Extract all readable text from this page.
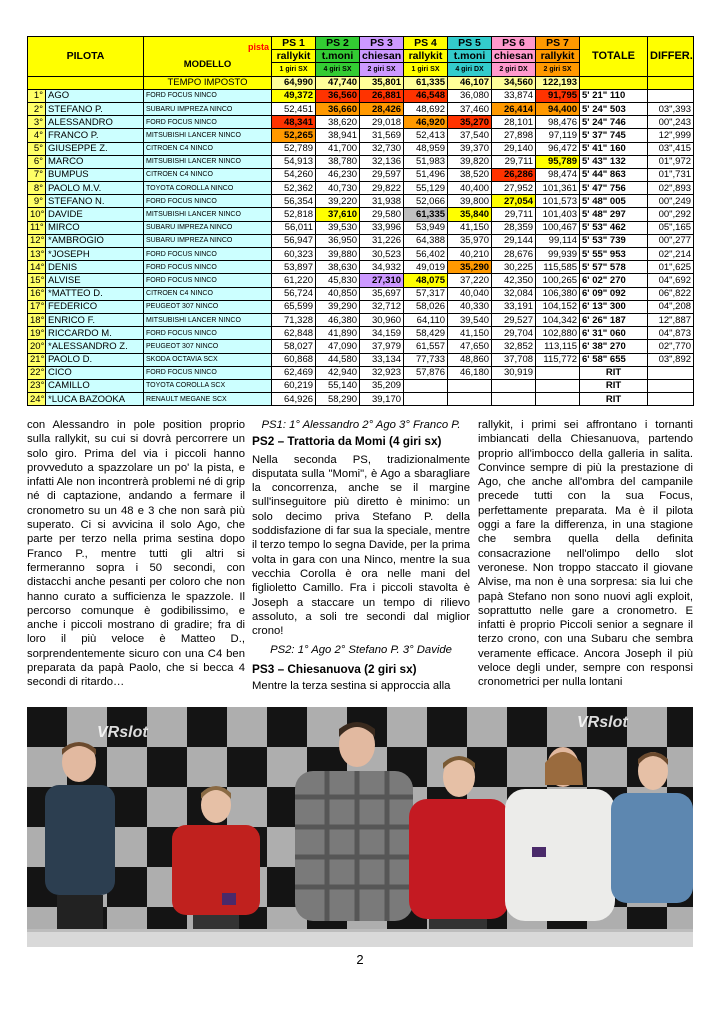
PILOTA		pista
MODELLO	PS 1	PS 2	PS 3	PS 4	PS 5	PS 6	PS 7	TOTALE	DIFFER.
			rallykit	t.moni	chiesan	rallykit	t.moni	chiesan	rallykit		
			1 giri SX	4 giri SX	2 giri SX	1 giri SX	4 giri DX	2 giri DX	2 giri SX		
		TEMPO IMPOSTO	64,990	47,740	35,801	61,335	46,107	34,560	122,193		
1°	AGO	FORD FOCUS NINCO	49,372	36,560	26,881	46,548	36,080	33,874	91,795	5' 21" 110	
2°	STEFANO P.	SUBARU IMPREZA NINCO	52,451	36,660	28,426	48,692	37,460	26,414	94,400	5' 24" 503	03",393
3°	ALESSANDRO	FORD FOCUS NINCO	48,341	38,620	29,018	46,920	35,270	28,101	98,476	5' 24" 746	00",243
4°	FRANCO P.	MITSUBISHI LANCER NINCO	52,265	38,941	31,569	52,413	37,540	27,898	97,119	5' 37" 745	12",999
5°	GIUSEPPE Z.	CITROEN C4 NINCO	52,789	41,700	32,730	48,959	39,370	29,140	96,472	5' 41" 160	03",415
6°	MARCO	MITSUBISHI LANCER NINCO	54,913	38,780	32,136	51,983	39,820	29,711	95,789	5' 43" 132	01",972
7°	BUMPUS	CITROEN C4 NINCO	54,260	46,230	29,597	51,496	38,520	26,286	98,474	5' 44" 863	01",731
8°	PAOLO M.V.	TOYOTA COROLLA NINCO	52,362	40,730	29,822	55,129	40,400	27,952	101,361	5' 47" 756	02",893
9°	STEFANO N.	FORD FOCUS NINCO	56,354	39,220	31,938	52,066	39,800	27,054	101,573	5' 48" 005	00",249
10°	DAVIDE	MITSUBISHI LANCER NINCO	52,818	37,610	29,580	61,335	35,840	29,711	101,403	5' 48" 297	00",292
11°	MIRCO	SUBARU IMPREZA NINCO	56,011	39,530	33,996	53,949	41,150	28,359	100,467	5' 53" 462	05",165
12°	*AMBROGIO	SUBARU IMPREZA NINCO	56,947	36,950	31,226	64,388	35,970	29,144	99,114	5' 53" 739	00",277
13°	*JOSEPH	FORD FOCUS NINCO	60,323	39,880	30,523	56,402	40,210	28,676	99,939	5' 55" 953	02",214
14°	DENIS	FORD FOCUS NINCO	53,897	38,630	34,932	49,019	35,290	30,225	115,585	5' 57" 578	01",625
15°	ALVISE	FORD FOCUS NINCO	61,220	45,830	27,310	48,075	37,220	42,350	100,265	6' 02" 270	04",692
16°	*MATTEO D.	CITROEN C4 NINCO	56,724	40,850	35,697	57,317	40,040	32,084	106,380	6' 09" 092	06",822
17°	FEDERICO	PEUGEOT 307 NINCO	65,599	39,290	32,712	58,026	40,330	33,191	104,152	6' 13" 300	04",208
18°	ENRICO F.	MITSUBISHI LANCER NINCO	71,328	46,380	30,960	64,110	39,540	29,527	104,342	6' 26" 187	12",887
19°	RICCARDO M.	FORD FOCUS NINCO	62,848	41,890	34,159	58,429	41,150	29,704	102,880	6' 31" 060	04",873
20°	*ALESSANDRO Z.	PEUGEOT 307 NINCO	58,027	47,090	37,979	61,557	47,650	32,852	113,115	6' 38" 270	02",770
21°	PAOLO D.	SKODA OCTAVIA SCX	60,868	44,580	33,134	77,733	48,860	37,708	115,772	6' 58" 655	03",892
22°	CICO	FORD FOCUS NINCO	62,469	42,940	32,923	57,876	46,180	30,919		RIT	
23°	CAMILLO	TOYOTA COROLLA SCX	60,219	55,140	35,209					RIT	
24°	*LUCA BAZOOKA	RENAULT MEGANE SCX	64,926	58,290	39,170					RIT	

con Alessandro in pole position proprio sulla rallykit, su cui si dovrà percorrere un solo giro. Prima del via i piccoli hanno provveduto a spazzolare un po' la pista, e infatti Ale non incontrerà problemi né di grip né di captazione, andando a fermare il cronometro su un 48 e 3 che non sarà più superato. Ci si avvicina il solo Ago, che parte per terzo nella prima sestina dopo Franco P., mentre tutti gli altri si fermeranno sopra i 50 secondi, con distacchi anche pesanti per coloro che non hanno curato a sufficienza le spazzole. Il percorso comunque è godibilissimo, e anche i piccoli mostrano di gradire; fra di loro il più veloce è Matteo D., sorprendentemente sicuro con una C4 ben preparata da papà Paolo, che si becca 4 secondi di ritardo…

PS1: 1° Alessandro 2° Ago 3° Franco P.

PS2 – Trattoria da Momi (4 giri sx)

Nella seconda PS, tradizionalmente disputata sulla "Momi", è Ago a sbaragliare la concorrenza, anche se il margine sull'inseguitore più diretto è minimo: un solo decimo priva Stefano P. della soddisfazione di far sua la speciale, mentre il terzo tempo lo segna Davide, per la prima volta in gara con una Ninco, mentre la sua vecchia Corolla è ora nelle mani del figlioletto Camillo. Fra i piccoli stavolta è Joseph a staccare un tempo di rilievo assoluto, a soli tre secondi dal miglior crono!

PS2: 1° Ago 2° Stefano P. 3° Davide

PS3 – Chiesanuova (2 giri sx)

Mentre la terza sestina si approccia alla

rallykit, i primi sei affrontano i tornanti imbiancati della Chiesanuova, partendo proprio all'imbocco della galleria in salita. Convince sempre di più la prestazione di Ago, che anche all'ombra del campanile precede tutti con la sua Focus, perfettamente preparata. Ma è il pilota oggi a fare la differenza, in una stagione che sembra quella della definita consacrazione nell'olimpo dello slot veronese. Non troppo staccato il giovane Alvise, ma non è una sorpresa: sia lui che papà Stefano non sono nuovi agli exploit, soprattutto nelle gare a cronometro. E infatti è proprio Piccoli senior a segnare il terzo crono, con una Subaru che sembra veramente efficace. Ancora Joseph il più veloce degli under, sempre con responsi cronometrici per nulla lontani

VRslot
VRslot
2
